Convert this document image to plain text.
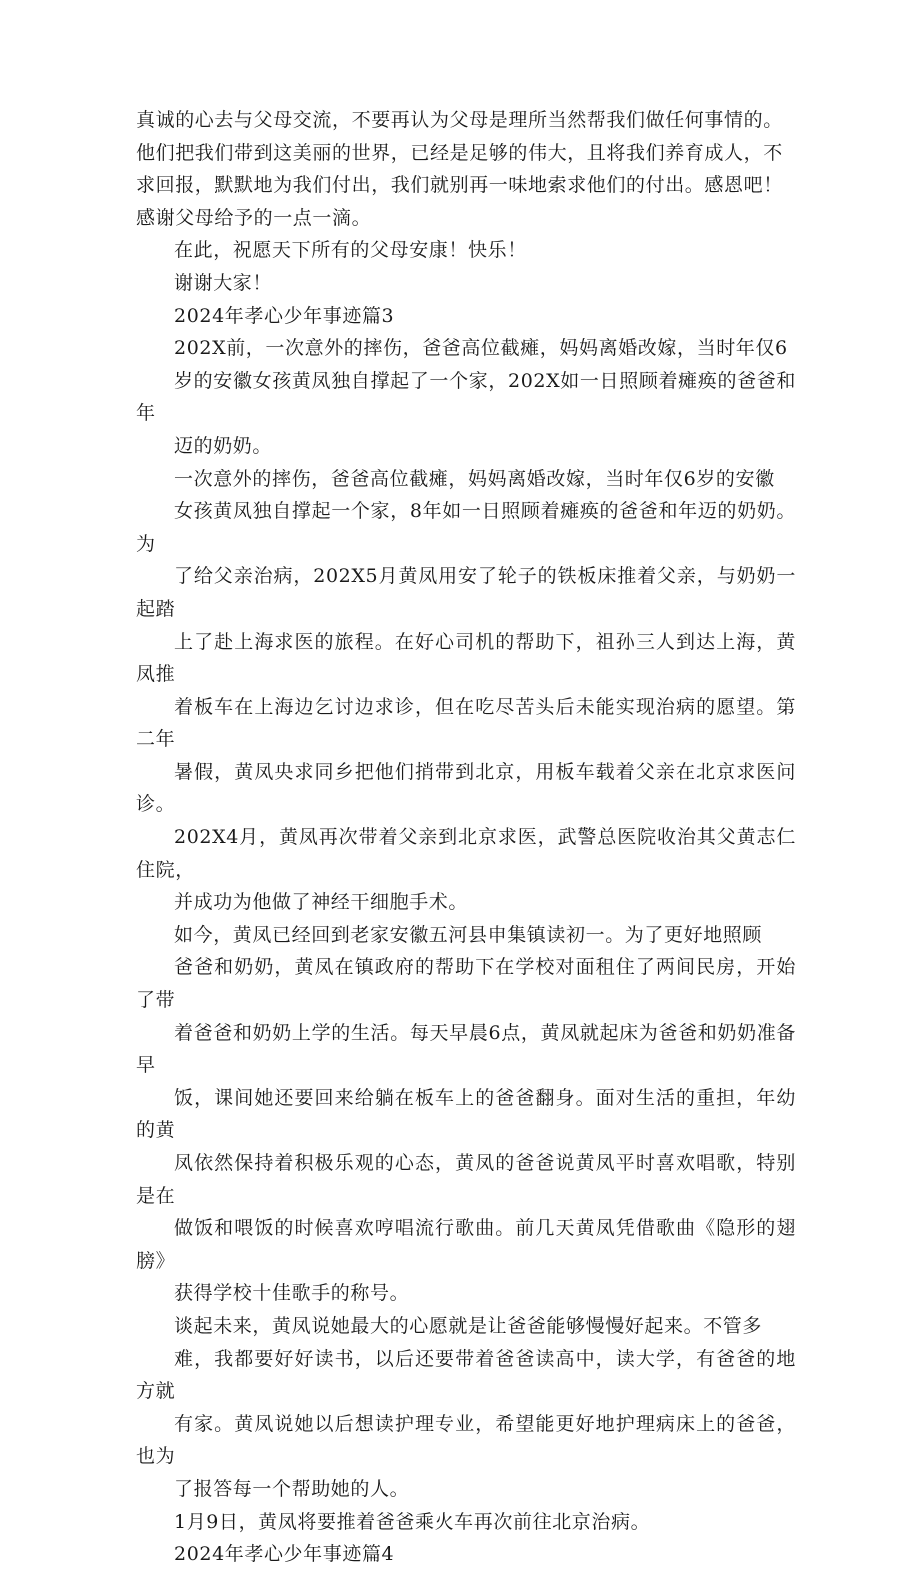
真诚的心去与父母交流，不要再认为父母是理所当然帮我们做任何事情的。
他们把我们带到这美丽的世界，已经是足够的伟大，且将我们养育成人，不
求回报，默默地为我们付出，我们就别再一味地索求他们的付出。感恩吧！
感谢父母给予的一点一滴。

在此，祝愿天下所有的父母安康！快乐！

谢谢大家！

2024年孝心少年事迹篇3

202X前，一次意外的摔伤，爸爸高位截瘫，妈妈离婚改嫁，当时年仅6
岁的安徽女孩黄凤独自撑起了一个家，202X如一日照顾着瘫痪的爸爸和年
迈的奶奶。

一次意外的摔伤，爸爸高位截瘫，妈妈离婚改嫁，当时年仅6岁的安徽
女孩黄凤独自撑起一个家，8年如一日照顾着瘫痪的爸爸和年迈的奶奶。为
了给父亲治病，202X5月黄凤用安了轮子的铁板床推着父亲，与奶奶一起踏
上了赴上海求医的旅程。在好心司机的帮助下，祖孙三人到达上海，黄凤推
着板车在上海边乞讨边求诊，但在吃尽苦头后未能实现治病的愿望。第二年
暑假，黄凤央求同乡把他们捎带到北京，用板车载着父亲在北京求医问诊。
202X4月，黄凤再次带着父亲到北京求医，武警总医院收治其父黄志仁住院，
并成功为他做了神经干细胞手术。

如今，黄凤已经回到老家安徽五河县申集镇读初一。为了更好地照顾
爸爸和奶奶，黄凤在镇政府的帮助下在学校对面租住了两间民房，开始了带
着爸爸和奶奶上学的生活。每天早晨6点，黄凤就起床为爸爸和奶奶准备早
饭，课间她还要回来给躺在板车上的爸爸翻身。面对生活的重担，年幼的黄
凤依然保持着积极乐观的心态，黄凤的爸爸说黄凤平时喜欢唱歌，特别是在
做饭和喂饭的时候喜欢哼唱流行歌曲。前几天黄凤凭借歌曲《隐形的翅膀》
获得学校十佳歌手的称号。

谈起未来，黄凤说她最大的心愿就是让爸爸能够慢慢好起来。不管多
难，我都要好好读书，以后还要带着爸爸读高中，读大学，有爸爸的地方就
有家。黄凤说她以后想读护理专业，希望能更好地护理病床上的爸爸，也为
了报答每一个帮助她的人。

1月9日，黄凤将要推着爸爸乘火车再次前往北京治病。

2024年孝心少年事迹篇4
